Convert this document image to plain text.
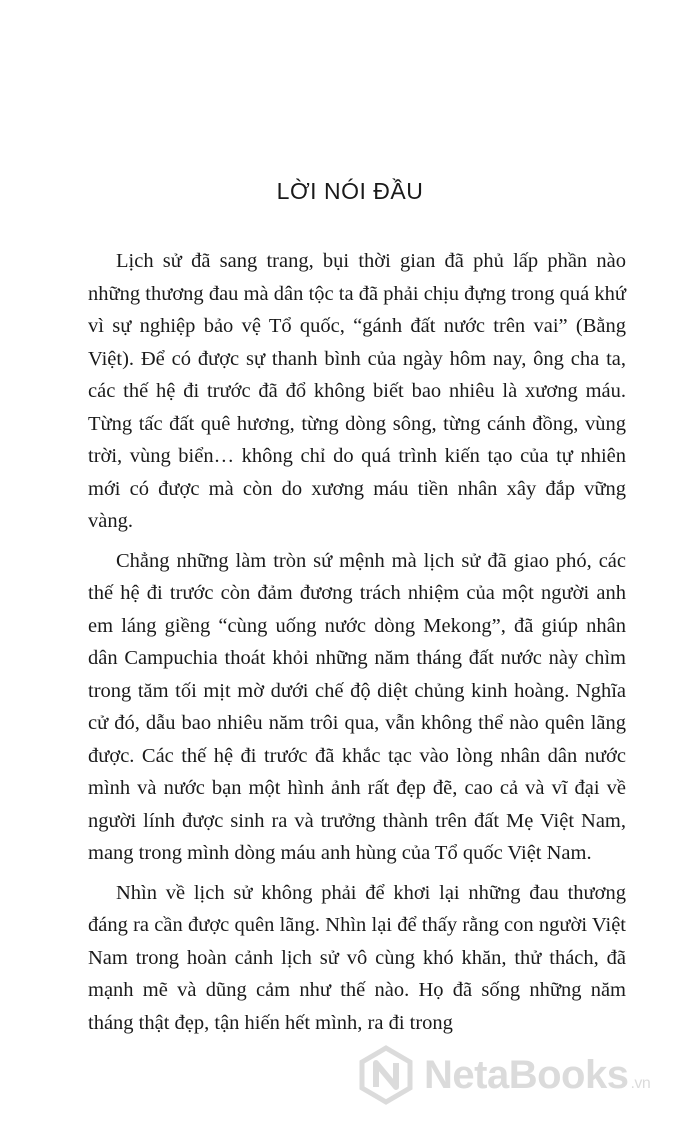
LỜI NÓI ĐẦU

Lịch sử đã sang trang, bụi thời gian đã phủ lấp phần nào những thương đau mà dân tộc ta đã phải chịu đựng trong quá khứ vì sự nghiệp bảo vệ Tổ quốc, “gánh đất nước trên vai” (Bằng Việt). Để có được sự thanh bình của ngày hôm nay, ông cha ta, các thế hệ đi trước đã đổ không biết bao nhiêu là xương máu. Từng tấc đất quê hương, từng dòng sông, từng cánh đồng, vùng trời, vùng biển… không chỉ do quá trình kiến tạo của tự nhiên mới có được mà còn do xương máu tiền nhân xây đắp vững vàng.

Chẳng những làm tròn sứ mệnh mà lịch sử đã giao phó, các thế hệ đi trước còn đảm đương trách nhiệm của một người anh em láng giềng “cùng uống nước dòng Mekong”, đã giúp nhân dân Campuchia thoát khỏi những năm tháng đất nước này chìm trong tăm tối mịt mờ dưới chế độ diệt chủng kinh hoàng. Nghĩa cử đó, dẫu bao nhiêu năm trôi qua, vẫn không thể nào quên lãng được. Các thế hệ đi trước đã khắc tạc vào lòng nhân dân nước mình và nước bạn một hình ảnh rất đẹp đẽ, cao cả và vĩ đại về người lính được sinh ra và trưởng thành trên đất Mẹ Việt Nam, mang trong mình dòng máu anh hùng của Tổ quốc Việt Nam.

Nhìn về lịch sử không phải để khơi lại những đau thương đáng ra cần được quên lãng. Nhìn lại để thấy rằng con người Việt Nam trong hoàn cảnh lịch sử vô cùng khó khăn, thử thách, đã mạnh mẽ và dũng cảm như thế nào. Họ đã sống những năm tháng thật đẹp, tận hiến hết mình, ra đi trong

NetaBooks .vn
